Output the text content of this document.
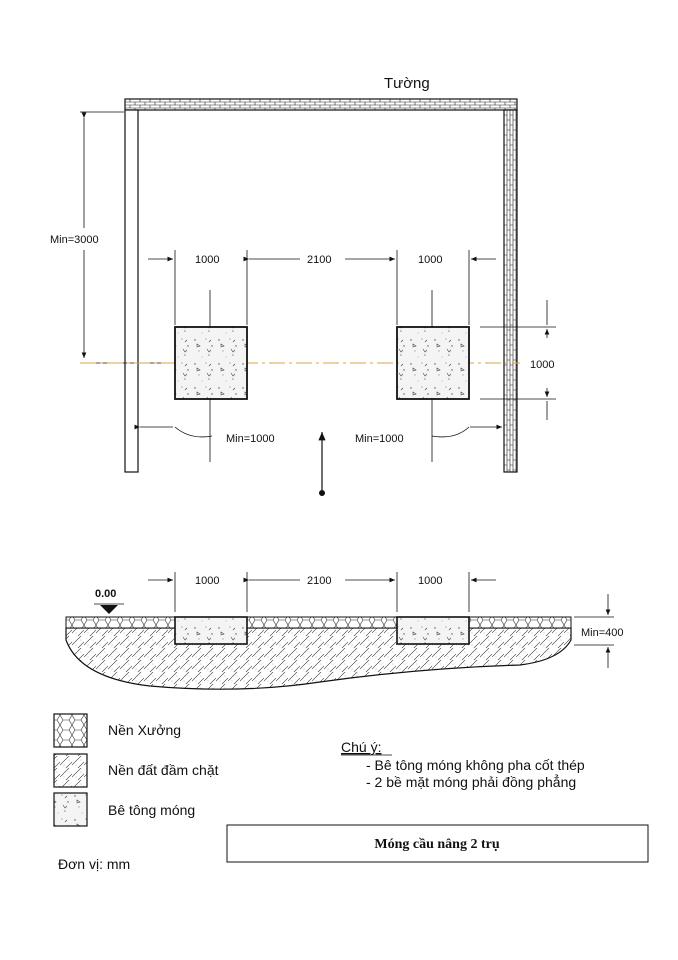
Tường
Min=3000
1000	2100	1000
1000
Min=1000	Min=1000
0.00
1000	2100	1000
Min=400
Nền Xưởng
Nền đất đầm chặt
Bê tông móng
Đơn vị: mm
Chú ý:
- Bê tông móng không pha cốt thép
- 2 bề mặt móng phải đồng phẳng
Móng cầu nâng 2 trụ
